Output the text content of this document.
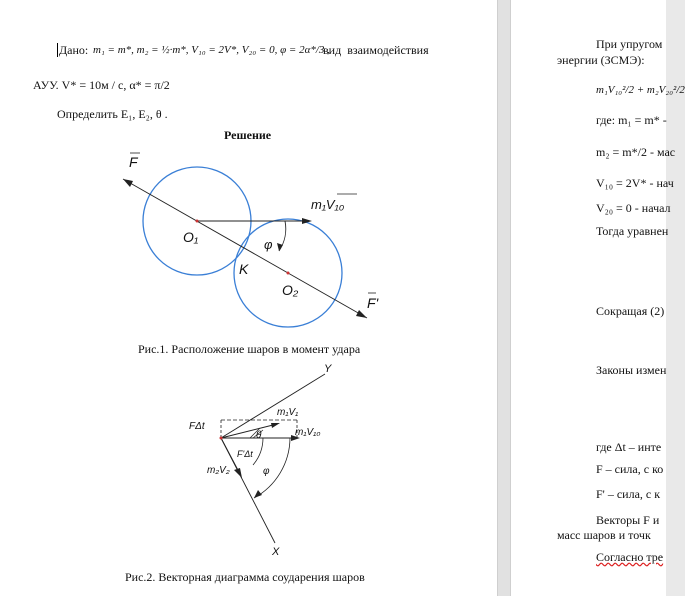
Дано: m₁ = m*, m₂ = ½·m*, V₁₀ = 2V*, V₂₀ = 0, φ = 2α*/3 ,
вид взаимодействия
АУУ. V* = 10м / с, α* = π/2
Определить E₁, E₂, θ .
Решение
F
m₁V₁₀
O₁	φ
K
O₂
F'
Рис.1. Расположение шаров в момент удара
Y
X
FΔt
m₁V₁
m₁V₁₀
θ
F'Δt
m₂V₂	φ
Рис.2. Векторная диаграмма соударения шаров
При упругом
энергии (ЗСМЭ):
m₁V₁₀²/2 + m₂V₂₀²/2
где: m₁ = m* -
m₂ = m*/2 - мас
V₁₀ = 2V* - нач
V₂₀ = 0 - начал
Тогда уравнен
Сокращая (2)
Законы измен
где Δt – инте
F – сила, с ко
F' – сила, с к
Векторы F и
масс шаров и точк
Согласно тре
